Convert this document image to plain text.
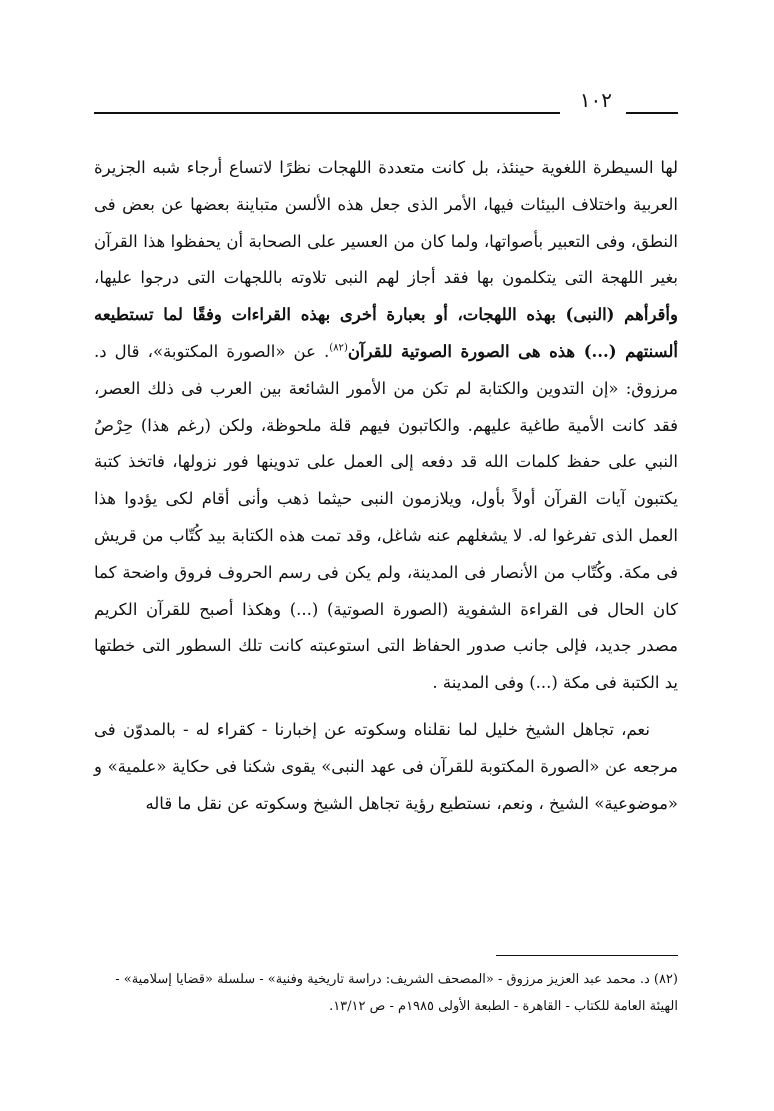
١٠٢

لها السيطرة اللغوية حينئذ، بل كانت متعددة اللهجات نظرًا لاتساع أرجاء شبه الجزيرة العربية واختلاف البيئات فيها، الأمر الذى جعل هذه الألسن متباينة بعضها عن بعض فى النطق، وفى التعبير بأصواتها، ولما كان من العسير على الصحابة أن يحفظوا هذا القرآن بغير اللهجة التى يتكلمون بها فقد أجاز لهم النبى تلاوته باللجهات التى درجوا عليها، وأقرأهم (النبى) بهذه اللهجات، أو بعبارة أخرى بهذه القراءات وفقًا لما تستطيعه ألسنتهم (...) هذه هى الصورة الصوتية للقرآن$^{(٨٢)}$. عن «الصورة المكتوبة»، قال د. مرزوق: «إن التدوين والكتابة لم تكن من الأمور الشائعة بين العرب فى ذلك العصر، فقد كانت الأمية طاغية عليهم. والكاتبون فيهم قلة ملحوظة، ولكن (رغم هذا) حِرْصُ النبي على حفظ كلمات الله قد دفعه إلى العمل على تدوينها فور نزولها، فاتخذ كتبة يكتبون آيات القرآن أولاً بأول، ويلازمون النبى حيثما ذهب وأنى أقام لكى يؤدوا هذا العمل الذى تفرغوا له. لا يشغلهم عنه شاغل، وقد تمت هذه الكتابة بيد كُتّاب من قريش فى مكة. وكُتّاب من الأنصار فى المدينة، ولم يكن فى رسم الحروف فروق واضحة كما كان الحال فى القراءة الشفوية (الصورة الصوتية) (...) وهكذا أصبح للقرآن الكريم مصدر جديد، فإلى جانب صدور الحفاظ التى استوعبته كانت تلك السطور التى خطتها يد الكتبة فى مكة (...) وفى المدينة .

نعم، تجاهل الشيخ خليل لما نقلناه وسكوته عن إخبارنا - كقراء له - بالمدوّن فى مرجعه عن «الصورة المكتوبة للقرآن فى عهد النبى» يقوى شكنا فى حكاية «علمية» و «موضوعية» الشيخ ، ونعم، نستطيع رؤية تجاهل الشيخ وسكوته عن نقل ما قاله

(٨٢) د. محمد عبد العزيز مرزوق - «المصحف الشريف: دراسة تاريخية وفنية» - سلسلة «قضايا إسلامية» -

الهيئة العامة للكتاب - القاهرة - الطبعة الأولى ١٩٨٥م - ص ١٣/١٢.
